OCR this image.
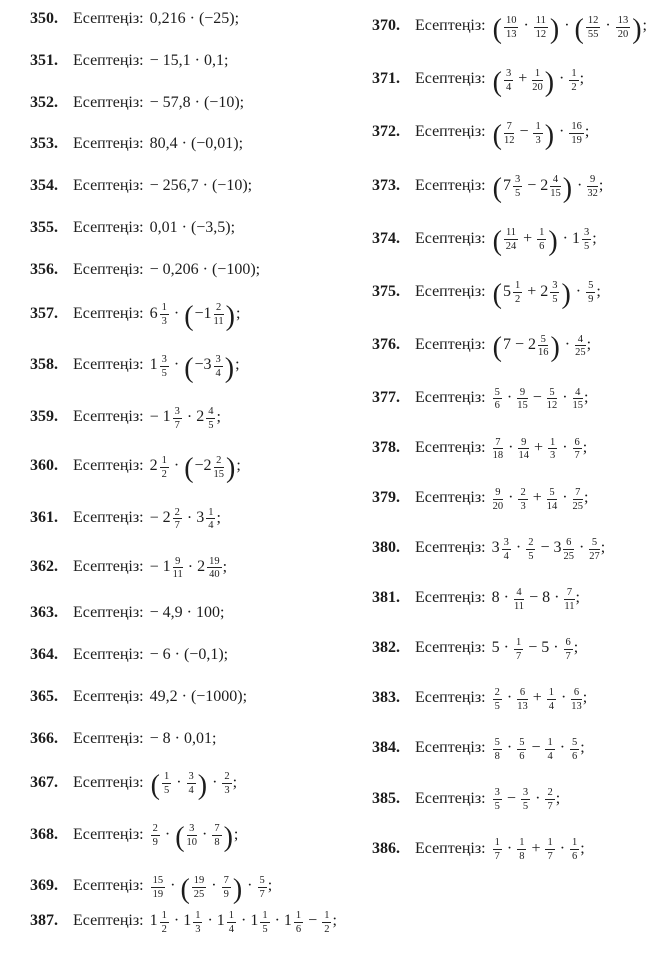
350. Есептеңіз: 0,216 · (−25);
351. Есептеңіз: − 15,1 · 0,1;
352. Есептеңіз: − 57,8 · (−10);
353. Есептеңіз: 80,4 · (−0,01);
354. Есептеңіз: − 256,7 · (−10);
355. Есептеңіз: 0,01 · (−3,5);
356. Есептеңіз: − 0,206 · (−100);
357. Есептеңіз: $6 \frac{1}{3} \cdot (-1 \frac{2}{11}$ );
358. Есептеңіз: $1 \frac{3}{5} \cdot (-3 \frac{3}{4}$ );
359. Есептеңіз: − $1 \frac{3}{7} \cdot 2 \frac{4}{5}$ ;
360. Есептеңіз: $2 \frac{1}{2} \cdot (-2 \frac{2}{15}$ );
361. Есептеңіз: − $2 \frac{2}{7} \cdot 3 \frac{1}{4}$ ;
362. Есептеңіз: − $1 \frac{9}{11} \cdot 2 \frac{19}{40}$ ;
363. Есептеңіз: − 4,9 · 100;
364. Есептеңіз: − 6 · (−0,1);
365. Есептеңіз: 49,2 · (−1000);
366. Есептеңіз: − 8 · 0,01;
367. Есептеңіз: ( $\frac{1}{5} \cdot \frac{3}{4}$ ) · $\frac{2}{3}$ ;
368. Есептеңіз: $\frac{2}{9}$ · ( $\frac{3}{10} \cdot \frac{7}{8}$ );
369. Есептеңіз: $\frac{15}{19}$ · ( $\frac{19}{25} \cdot \frac{7}{9}$ ) · $\frac{5}{7}$ ;
370. Есептеңіз: ( $\frac{10}{13} \cdot \frac{11}{12}$ ) · ( $\frac{12}{55} \cdot \frac{13}{20}$ );
371. Есептеңіз: ( $\frac{3}{4} + \frac{1}{20}$ ) · $\frac{1}{2}$ ;
372. Есептеңіз: ( $\frac{7}{12} - \frac{1}{3}$ ) · $\frac{16}{19}$ ;
373. Есептеңіз: ($7 \frac{3}{5} - 2 \frac{4}{15}$ ) · $\frac{9}{32}$ ;
374. Есептеңіз: ( $\frac{11}{24} + \frac{1}{6}$ ) · $1 \frac{3}{5}$ ;
375. Есептеңіз: ($5 \frac{1}{2} + 2 \frac{3}{5}$ ) · $\frac{5}{9}$ ;
376. Есептеңіз: ($7 - 2 \frac{5}{16}$ ) · $\frac{4}{25}$ ;
377. Есептеңіз: $\frac{5}{6} \cdot \frac{9}{15} - \frac{5}{12} \cdot \frac{4}{15}$ ;
378. Есептеңіз: $\frac{7}{18} \cdot \frac{9}{14} + \frac{1}{3} \cdot \frac{6}{7}$ ;
379. Есептеңіз: $\frac{9}{20} \cdot \frac{2}{3} + \frac{5}{14} \cdot \frac{7}{25}$ ;
380. Есептеңіз: $3 \frac{3}{4} \cdot \frac{2}{5} - 3 \frac{6}{25} \cdot \frac{5}{27}$ ;
381. Есептеңіз: $8 \cdot \frac{4}{11} - 8 \cdot \frac{7}{11}$ ;
382. Есептеңіз: $5 \cdot \frac{1}{7} - 5 \cdot \frac{6}{7}$ ;
383. Есептеңіз: $\frac{2}{5} \cdot \frac{6}{13} + \frac{1}{4} \cdot \frac{6}{13}$ ;
384. Есептеңіз: $\frac{5}{8} \cdot \frac{5}{6} - \frac{1}{4} \cdot \frac{5}{6}$ ;
385. Есептеңіз: $\frac{3}{5} - \frac{3}{5} \cdot \frac{2}{7}$ ;
386. Есептеңіз: $\frac{1}{7} \cdot \frac{1}{8} + \frac{1}{7} \cdot \frac{1}{6}$ ;
387. Есептеңіз: $1 \frac{1}{2} \cdot 1 \frac{1}{3} \cdot 1 \frac{1}{4} \cdot 1 \frac{1}{5} \cdot 1 \frac{1}{6} - \frac{1}{2}$ ;
